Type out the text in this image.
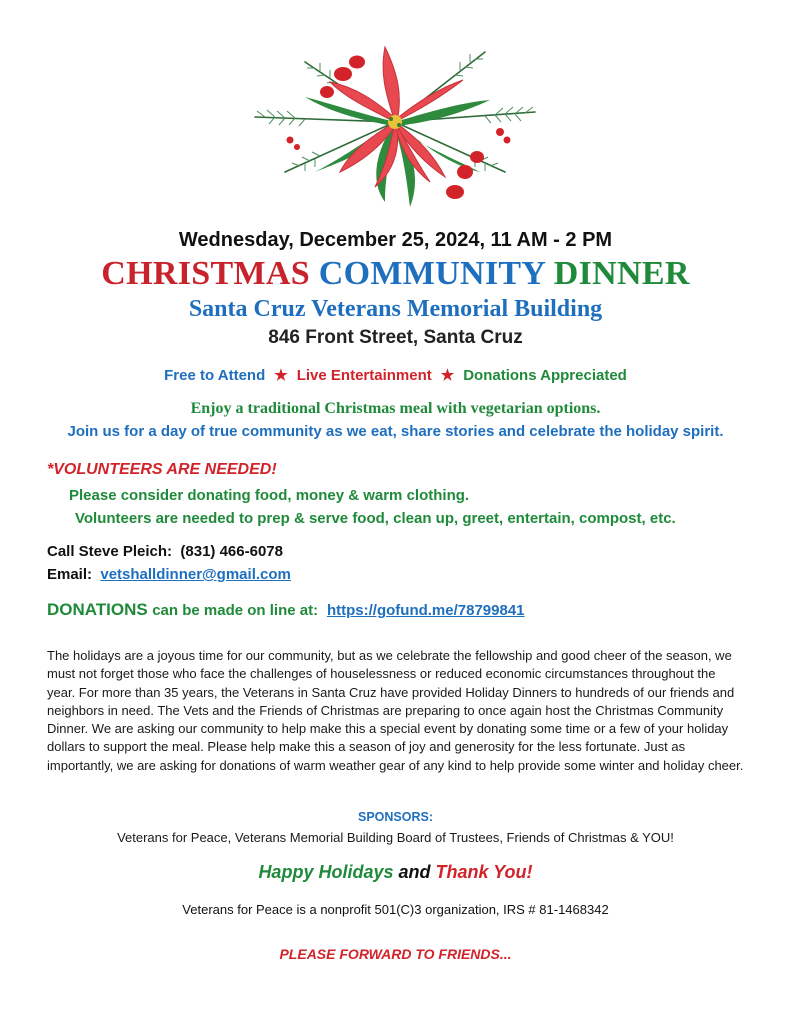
Wednesday, December 25, 2024, 11 AM - 2 PM
CHRISTMAS COMMUNITY DINNER
Santa Cruz Veterans Memorial Building
846 Front Street, Santa Cruz
Free to Attend ★ Live Entertainment ★ Donations Appreciated
Enjoy a traditional Christmas meal with vegetarian options.
Join us for a day of true community as we eat, share stories and celebrate the holiday spirit.
*VOLUNTEERS ARE NEEDED!
Please consider donating food, money & warm clothing.
Volunteers are needed to prep & serve food, clean up, greet, entertain, compost, etc.
Call Steve Pleich: (831) 466-6078
Email: vetshalldinner@gmail.com
DONATIONS can be made on line at: https://gofund.me/78799841
The holidays are a joyous time for our community, but as we celebrate the fellowship and good cheer of the season, we must not forget those who face the challenges of houselessness or reduced economic circumstances throughout the year. For more than 35 years, the Veterans in Santa Cruz have provided Holiday Dinners to hundreds of our friends and neighbors in need. The Vets and the Friends of Christmas are preparing to once again host the Christmas Community Dinner. We are asking our community to help make this a special event by donating some time or a few of your holiday dollars to support the meal. Please help make this a season of joy and generosity for the less fortunate. Just as importantly, we are asking for donations of warm weather gear of any kind to help provide some winter and holiday cheer.
SPONSORS:
Veterans for Peace, Veterans Memorial Building Board of Trustees, Friends of Christmas & YOU!
Happy Holidays and Thank You!
Veterans for Peace is a nonprofit 501(C)3 organization, IRS # 81-1468342
PLEASE FORWARD TO FRIENDS...
